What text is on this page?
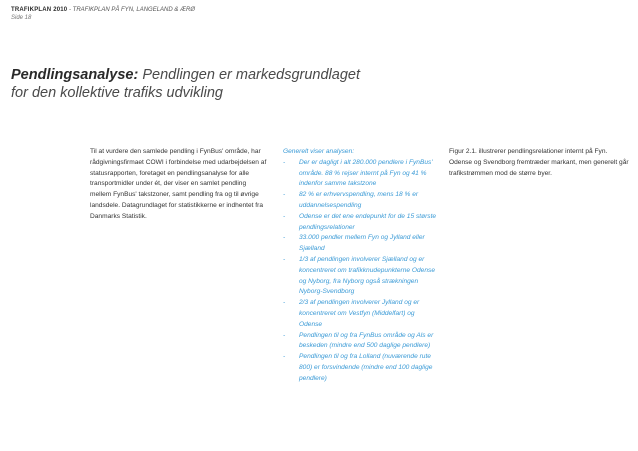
TRAFIKPLAN 2010 - TRAFIKPLAN PÅ FYN, LANGELAND & ÆRØ
Side 18
Pendlingsanalyse: Pendlingen er markedsgrundlaget for den kollektive trafiks udvikling

Til at vurdere den samlede pendling i FynBus' område, har rådgivningsfirmaet COWI i forbindelse med udarbejdelsen af statusrapporten, foretaget en pendlingsanalyse for alle transportmidler under ét, der viser en samlet pendling mellem FynBus' takstzoner, samt pendling fra og til øvrige landsdele. Datagrundlaget for statistikkerne er indhentet fra Danmarks Statistik.

Generelt viser analysen:
- Der er dagligt i alt 280.000 pendlere i FynBus' område. 88 % rejser internt på Fyn og 41 % indenfor samme takstzone
- 82 % er erhvervspendling, mens 18 % er uddannelsespendling
- Odense er det ene endepunkt for de 15 største pendlingsrelationer
- 33.000 pendler mellem Fyn og Jylland eller Sjælland
- 1/3 af pendlingen involverer Sjælland og er koncentreret om trafikknudepunkterne Odense og Nyborg, fra Nyborg også strækningen Nyborg-Svendborg
- 2/3 af pendlingen involverer Jylland og er koncentreret om Vestfyn (Middelfart) og Odense
- Pendlingen til og fra FynBus område og Als er beskeden (mindre end 500 daglige pendlere)
- Pendlingen til og fra Lolland (nuværende rute 800) er forsvindende (mindre end 100 daglige pendlere)

Figur 2.1. illustrerer pendlingsrelationer internt på Fyn. Odense og Svendborg fremtræder markant, men generelt går trafikstrømmen mod de større byer.
